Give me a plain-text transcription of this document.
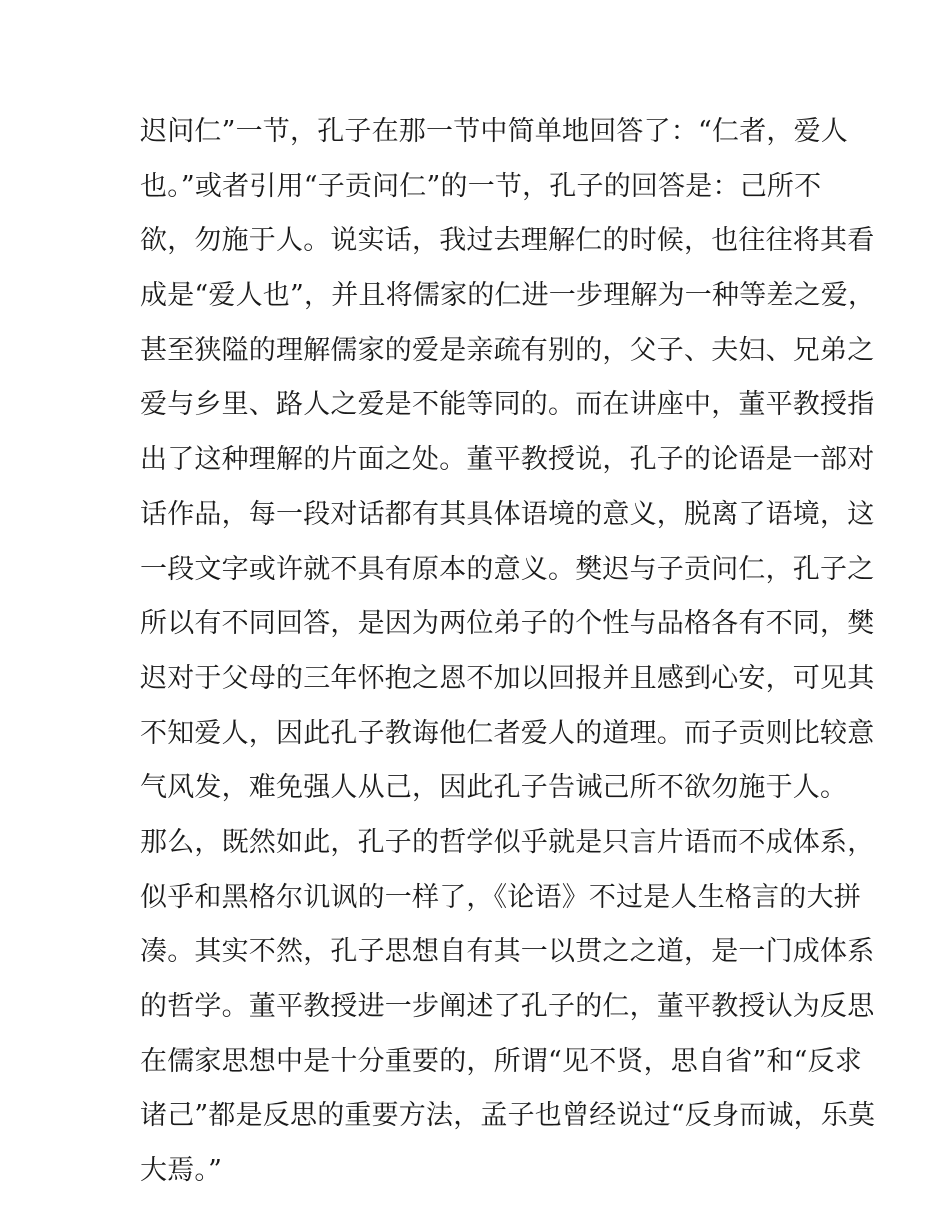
迟问仁”一节，孔子在那一节中简单地回答了：“仁者，爱人
也。”或者引用“子贡问仁”的一节，孔子的回答是：己所不
欲，勿施于人。说实话，我过去理解仁的时候，也往往将其看
成是“爱人也”，并且将儒家的仁进一步理解为一种等差之爱，
甚至狭隘的理解儒家的爱是亲疏有别的，父子、夫妇、兄弟之
爱与乡里、路人之爱是不能等同的。而在讲座中，董平教授指
出了这种理解的片面之处。董平教授说，孔子的论语是一部对
话作品，每一段对话都有其具体语境的意义，脱离了语境，这
一段文字或许就不具有原本的意义。樊迟与子贡问仁，孔子之
所以有不同回答，是因为两位弟子的个性与品格各有不同，樊
迟对于父母的三年怀抱之恩不加以回报并且感到心安，可见其
不知爱人，因此孔子教诲他仁者爱人的道理。而子贡则比较意
气风发，难免强人从己，因此孔子告诫己所不欲勿施于人。
那么，既然如此，孔子的哲学似乎就是只言片语而不成体系，
似乎和黑格尔讥讽的一样了，《论语》不过是人生格言的大拼
凑。其实不然，孔子思想自有其一以贯之之道，是一门成体系
的哲学。董平教授进一步阐述了孔子的仁，董平教授认为反思
在儒家思想中是十分重要的，所谓“见不贤，思自省”和“反求
诸己”都是反思的重要方法，孟子也曾经说过“反身而诚，乐莫
大焉。”
